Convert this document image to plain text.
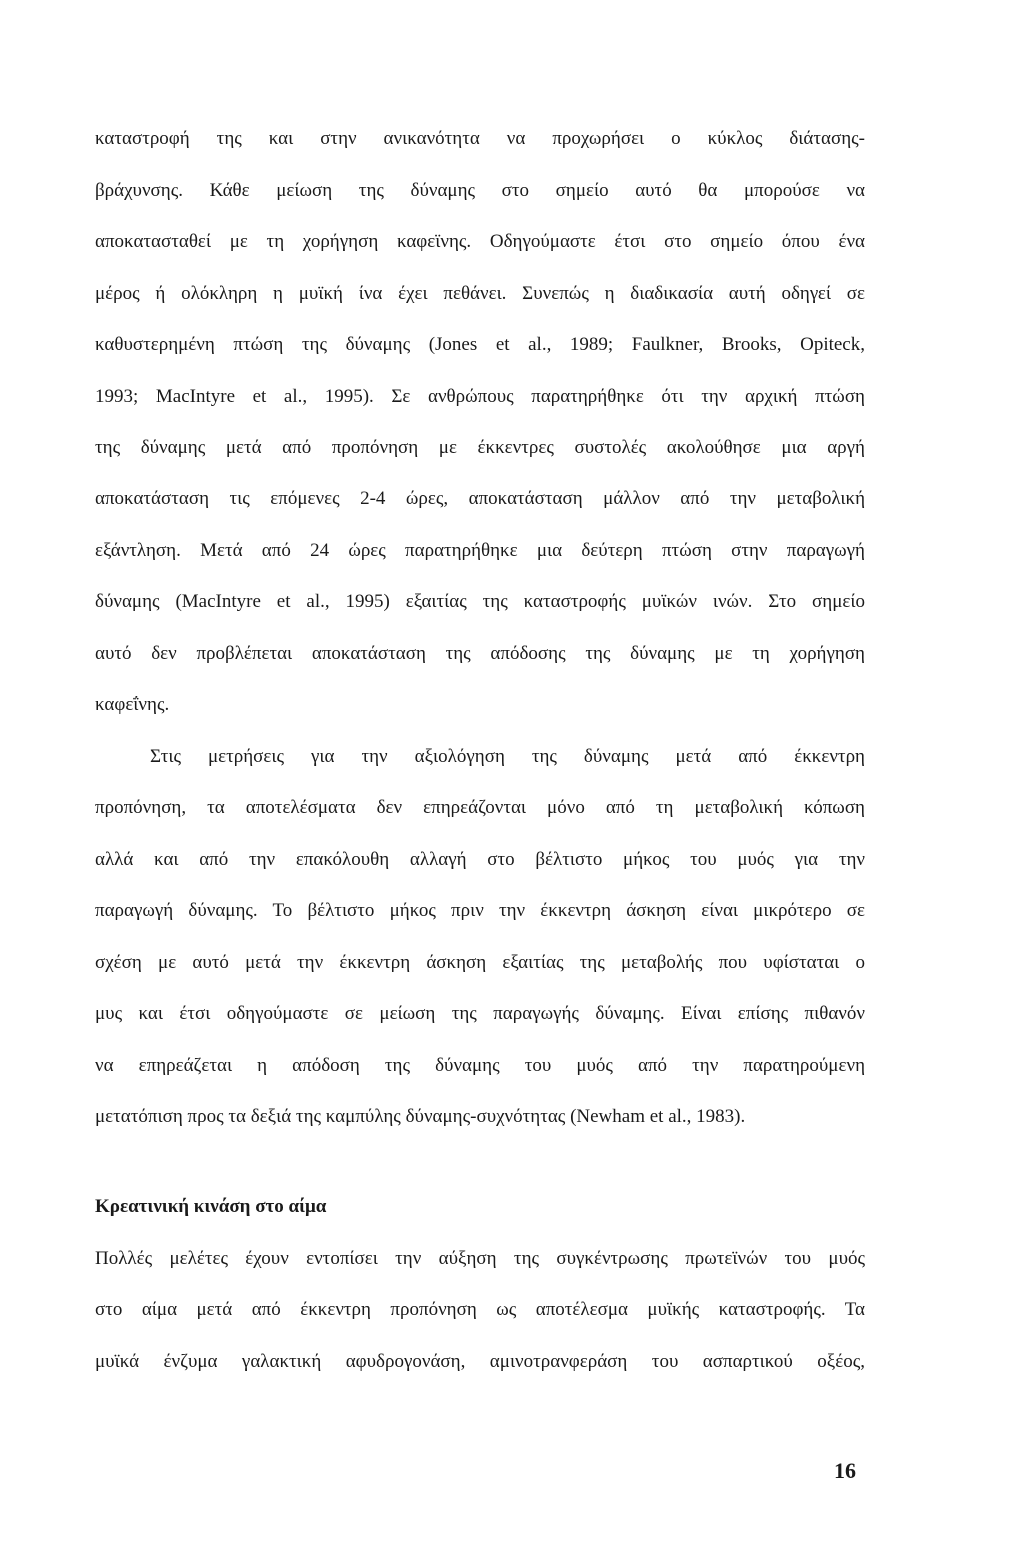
καταστροφή της και στην ανικανότητα να προχωρήσει ο κύκλος διάτασης-
βράχυνσης. Κάθε μείωση της δύναμης στο σημείο αυτό θα μπορούσε να
αποκατασταθεί με τη χορήγηση καφεϊνης. Οδηγούμαστε έτσι στο σημείο όπου ένα
μέρος ή ολόκληρη η μυϊκή ίνα έχει πεθάνει. Συνεπώς η διαδικασία αυτή οδηγεί σε
καθυστερημένη πτώση της δύναμης (Jones et al., 1989; Faulkner, Brooks, Opiteck,
1993; MacIntyre et al., 1995). Σε ανθρώπους παρατηρήθηκε ότι την αρχική πτώση
της δύναμης μετά από προπόνηση με έκκεντρες συστολές ακολούθησε μια αργή
αποκατάσταση τις επόμενες 2-4 ώρες, αποκατάσταση μάλλον από την μεταβολική
εξάντληση. Μετά από 24 ώρες παρατηρήθηκε μια δεύτερη πτώση στην παραγωγή
δύναμης (MacIntyre et al., 1995) εξαιτίας της καταστροφής μυϊκών ινών. Στο σημείο
αυτό δεν προβλέπεται αποκατάσταση της απόδοσης της δύναμης με τη χορήγηση
καφεΐνης.
Στις μετρήσεις για την αξιολόγηση της δύναμης μετά από έκκεντρη
προπόνηση, τα αποτελέσματα δεν επηρεάζονται μόνο από τη μεταβολική κόπωση
αλλά και από την επακόλουθη αλλαγή στο βέλτιστο μήκος του μυός για την
παραγωγή δύναμης. Το βέλτιστο μήκος πριν την έκκεντρη άσκηση είναι μικρότερο σε
σχέση με αυτό μετά την έκκεντρη άσκηση εξαιτίας της μεταβολής που υφίσταται ο
μυς και έτσι οδηγούμαστε σε μείωση της παραγωγής δύναμης. Είναι επίσης πιθανόν
να επηρεάζεται η απόδοση της δύναμης του μυός από την παρατηρούμενη
μετατόπιση προς τα δεξιά της καμπύλης δύναμης-συχνότητας (Newham et al., 1983).
Κρεατινική κινάση στο αίμα
Πολλές μελέτες έχουν εντοπίσει την αύξηση της συγκέντρωσης πρωτεϊνών του μυός
στο αίμα μετά από έκκεντρη προπόνηση ως αποτέλεσμα μυϊκής καταστροφής. Τα
μυϊκά ένζυμα γαλακτική αφυδρογονάση, αμινοτρανφεράση του ασπαρτικού οξέος,
16
